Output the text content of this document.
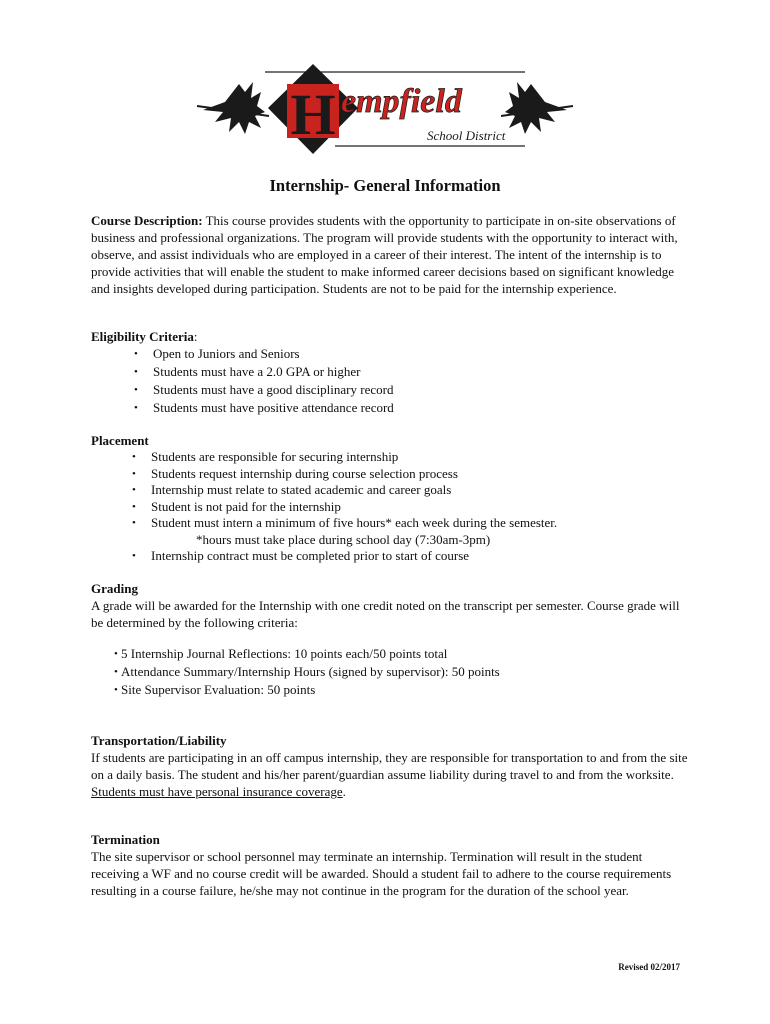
H empfield
School District
Internship- General Information

Course Description: This course provides students with the opportunity to participate in on-site observations of business and professional organizations. The program will provide students with the opportunity to interact with, observe, and assist individuals who are employed in a career of their interest. The intent of the internship is to provide activities that will enable the student to make informed career decisions based on significant knowledge and insights developed during participation. Students are not to be paid for the internship experience.

Eligibility Criteria:

• Open to Juniors and Seniors
• Students must have a 2.0 GPA or higher
• Students must have a good disciplinary record
• Students must have positive attendance record

Placement

• Students are responsible for securing internship
• Students request internship during course selection process
• Internship must relate to stated academic and career goals
• Student is not paid for the internship
• Student must intern a minimum of five hours* each week during the semester.
*hours must take place during school day (7:30am-3pm)
• Internship contract must be completed prior to start of course

Grading

A grade will be awarded for the Internship with one credit noted on the transcript per semester. Course grade will be determined by the following criteria:

• 5 Internship Journal Reflections: 10 points each/50 points total
• Attendance Summary/Internship Hours (signed by supervisor): 50 points
• Site Supervisor Evaluation: 50 points

Transportation/Liability

If students are participating in an off campus internship, they are responsible for transportation to and from the site on a daily basis. The student and his/her parent/guardian assume liability during travel to and from the worksite. Students must have personal insurance coverage.

Termination

The site supervisor or school personnel may terminate an internship. Termination will result in the student receiving a WF and no course credit will be awarded. Should a student fail to adhere to the course requirements resulting in a course failure, he/she may not continue in the program for the duration of the school year.

Revised 02/2017
